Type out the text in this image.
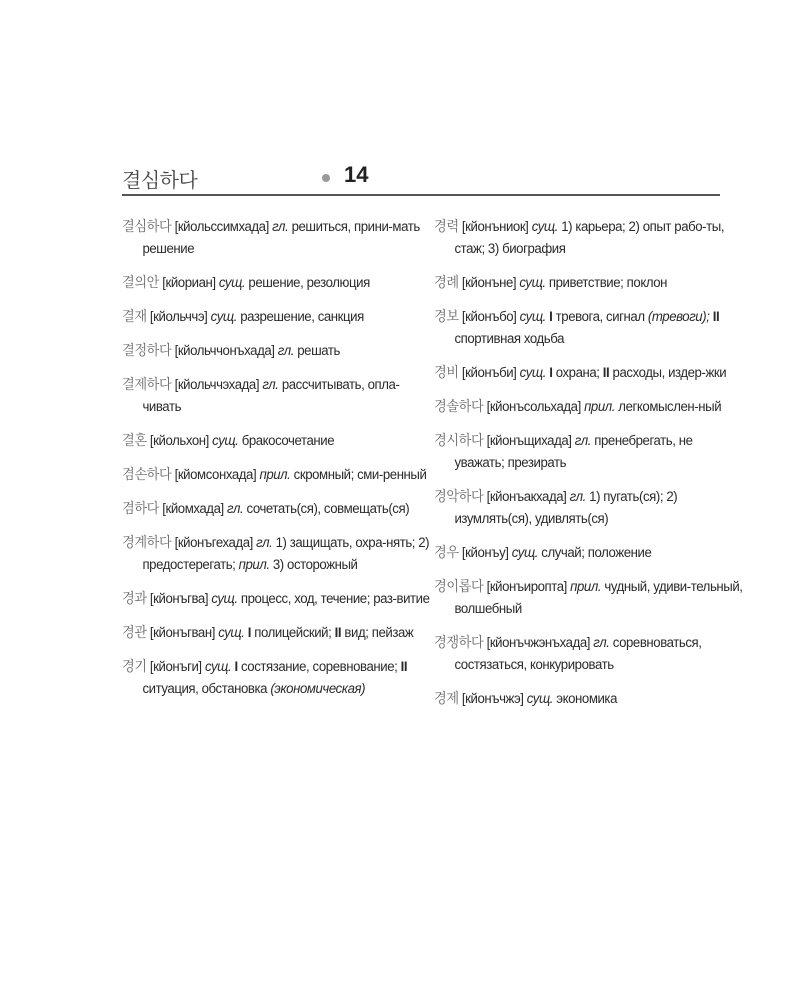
결심하다	14

결심하다 [кйольссимхада] гл. решиться, прини-мать решение

결의안 [кйориан] сущ. решение, резолюция

결재 [кйольччэ] сущ. разрешение, санкция

결정하다 [кйольччонъхада] гл. решать

결제하다 [кйольччэхада] гл. рассчитывать, опла-чивать

결혼 [кйольхон] сущ. бракосочетание

겸손하다 [кйомсонхада] прил. скромный; сми-ренный

겸하다 [кйомхада] гл. сочетать(ся), совмещать(ся)

경계하다 [кйонъгехада] гл. 1) защищать, охра-нять; 2) предостерегать; прил. 3) осторожный

경과 [кйонъгва] сущ. процесс, ход, течение; раз-витие

경관 [кйонъгван] сущ. I полицейский; II вид; пейзаж

경기 [кйонъги] сущ. I состязание, соревнование; II ситуация, обстановка (экономическая)

경력 [кйонъниок] сущ. 1) карьера; 2) опыт рабо-ты, стаж; 3) биография

경례 [кйонъне] сущ. приветствие; поклон

경보 [кйонъбо] сущ. I тревога, сигнал (тревоги); II спортивная ходьба

경비 [кйонъби] сущ. I охрана; II расходы, издер-жки

경솔하다 [кйонъсольхада] прил. легкомыслен-ный

경시하다 [кйонъщихада] гл. пренебрегать, не уважать; презирать

경악하다 [кйонъакхада] гл. 1) пугать(ся); 2) изумлять(ся), удивлять(ся)

경우 [кйонъу] сущ. случай; положение

경이롭다 [кйонъиропта] прил. чудный, удиви-тельный, волшебный

경쟁하다 [кйонъчжэнъхада] гл. соревноваться, состязаться, конкурировать

경제 [кйонъчжэ] сущ. экономика
